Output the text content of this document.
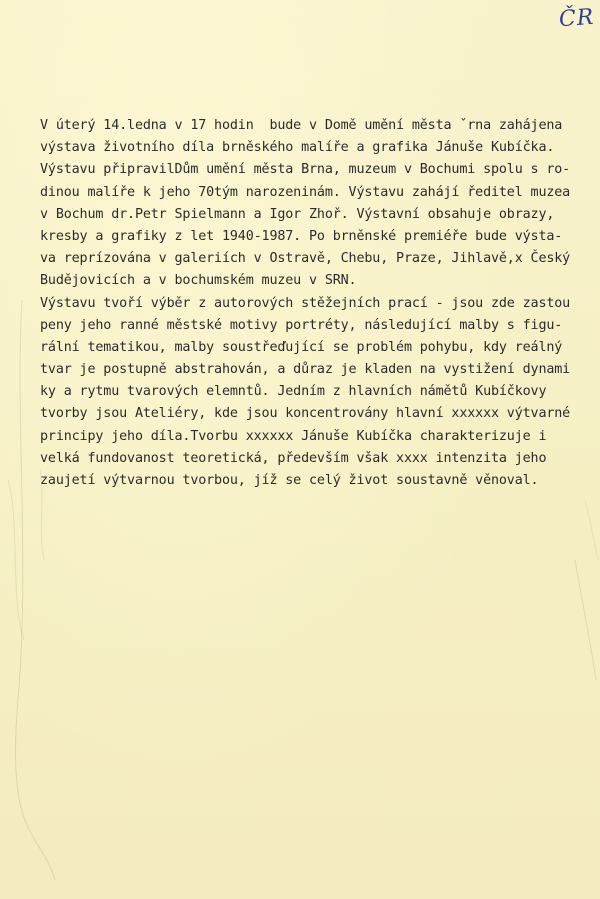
ČR
V úterý 14.ledna v 17 hodin  bude v Domě umění města ˇrna zahájena
výstava životního díla brněského malíře a grafika Jánuše Kubíčka.
Výstavu připravilDům umění města Brna, muzeum v Bochumi spolu s ro-
dinou malíře k jeho 70tým narozeninám. Výstavu zahájí ředitel muzea
v Bochum dr.Petr Spielmann a Igor Zhoř. Výstavní obsahuje obrazy,
kresby a grafiky z let 1940-1987. Po brněnské premiéře bude výsta-
va reprízována v galeriích v Ostravě, Chebu, Praze, Jihlavě,x Český
Budějovicích a v bochumském muzeu v SRN.
Výstavu tvoří výběr z autorových stěžejních prací - jsou zde zastou
peny jeho ranné městské motivy portréty, následující malby s figu-
rální tematikou, malby soustřeďující se problém pohybu, kdy reálný
tvar je postupně abstrahován, a důraz je kladen na vystižení dynami
ky a rytmu tvarových elemntů. Jedním z hlavních námětů Kubíčkovy
tvorby jsou Ateliéry, kde jsou koncentrovány hlavní xxxxxx výtvarné
principy jeho díla.Tvorbu xxxxxx Jánuše Kubíčka charakterizuje i
velká fundovanost teoretická, především však xxxx intenzita jeho
zaujetí výtvarnou tvorbou, jíž se celý život soustavně věnoval.
